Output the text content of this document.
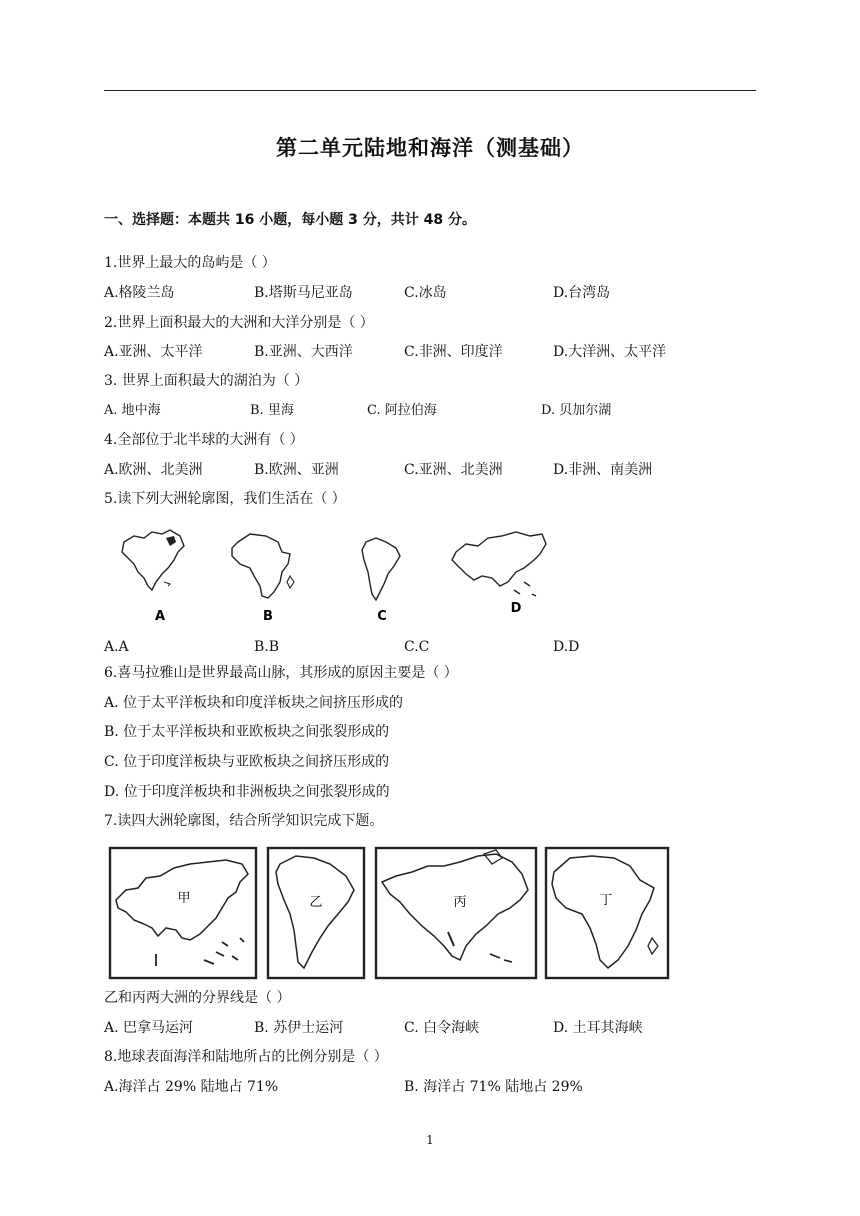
第二单元陆地和海洋（测基础）
一、选择题：本题共 16 小题，每小题 3 分，共计 48 分。
1.世界上最大的岛屿是（ ）
A.格陵兰岛	B.塔斯马尼亚岛	C.冰岛	D.台湾岛
2.世界上面积最大的大洲和大洋分别是（ ）
A.亚洲、太平洋	B.亚洲、大西洋	C.非洲、印度洋	D.大洋洲、太平洋
3. 世界上面积最大的湖泊为（ ）
A. 地中海	B. 里海	C. 阿拉伯海	D. 贝加尔湖
4.全部位于北半球的大洲有（ ）
A.欧洲、北美洲	B.欧洲、亚洲	C.亚洲、北美洲	D.非洲、南美洲
5.读下列大洲轮廓图，我们生活在（ ）
A	B	C
D
A.A	B.B	C.C	D.D
6.喜马拉雅山是世界最高山脉，其形成的原因主要是（ ）
A. 位于太平洋板块和印度洋板块之间挤压形成的
B. 位于太平洋板块和亚欧板块之间张裂形成的
C. 位于印度洋板块与亚欧板块之间挤压形成的
D. 位于印度洋板块和非洲板块之间张裂形成的
7.读四大洲轮廓图，结合所学知识完成下题。
甲	乙	丙	丁
乙和丙两大洲的分界线是（ ）
A. 巴拿马运河	B. 苏伊士运河	C. 白令海峡	D. 土耳其海峡
8.地球表面海洋和陆地所占的比例分别是（ ）
A.海洋占 29% 陆地占 71%	B. 海洋占 71% 陆地占 29%
1
